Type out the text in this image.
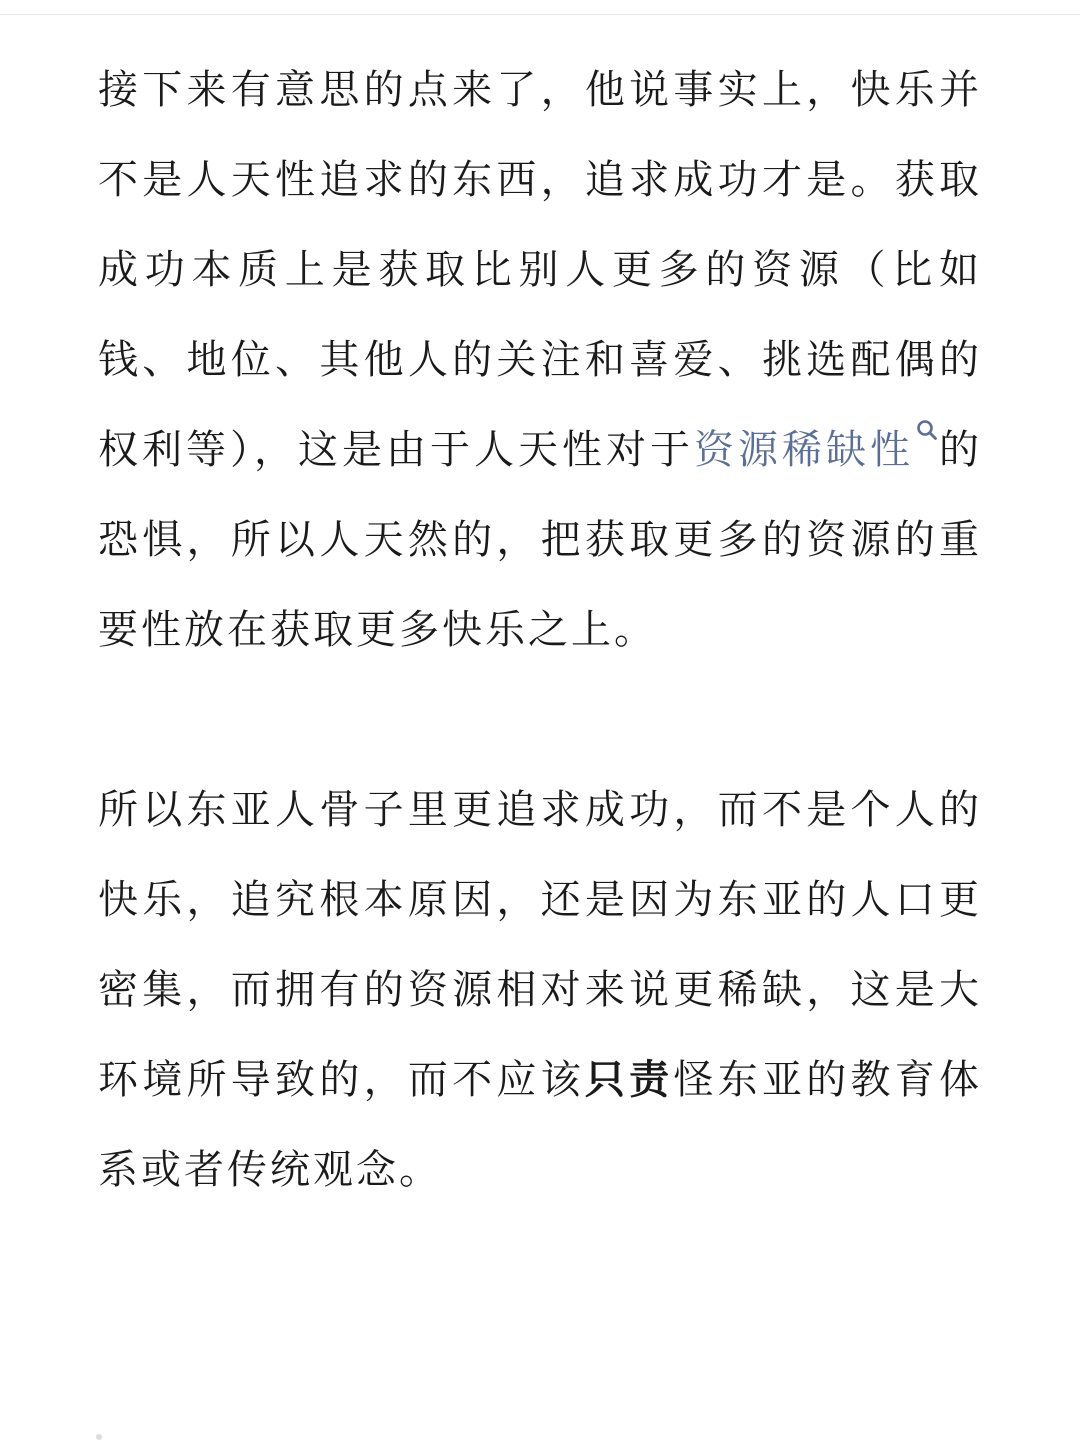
接下来有意思的点来了，他说事实上，快乐并不是人天性追求的东西，追求成功才是。获取成功本质上是获取比别人更多的资源（比如钱、地位、其他人的关注和喜爱、挑选配偶的权利等），这是由于人天性对于资源稀缺性 的恐惧，所以人天然的，把获取更多的资源的重要性放在获取更多快乐之上。

所以东亚人骨子里更追求成功，而不是个人的快乐，追究根本原因，还是因为东亚的人口更密集，而拥有的资源相对来说更稀缺，这是大环境所导致的，而不应该只责怪东亚的教育体系或者传统观念。
